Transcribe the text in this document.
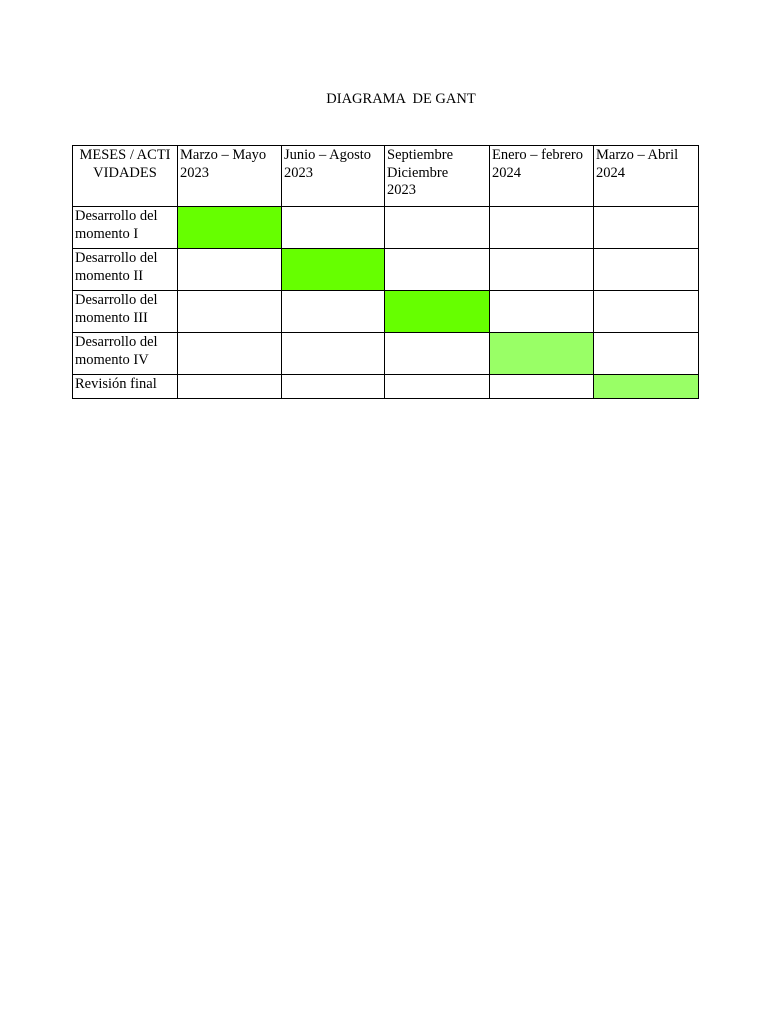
DIAGRAMA  DE GANT
MESES / ACTIVIDADES	Marzo – Mayo
2023	Junio – Agosto
2023	Septiembre
Diciembre
2023	Enero – febrero
2024	Marzo – Abril
2024

Desarrollo del momento I					
Desarrollo del momento II					
Desarrollo del momento III					
Desarrollo del momento IV					
Revisión final					
